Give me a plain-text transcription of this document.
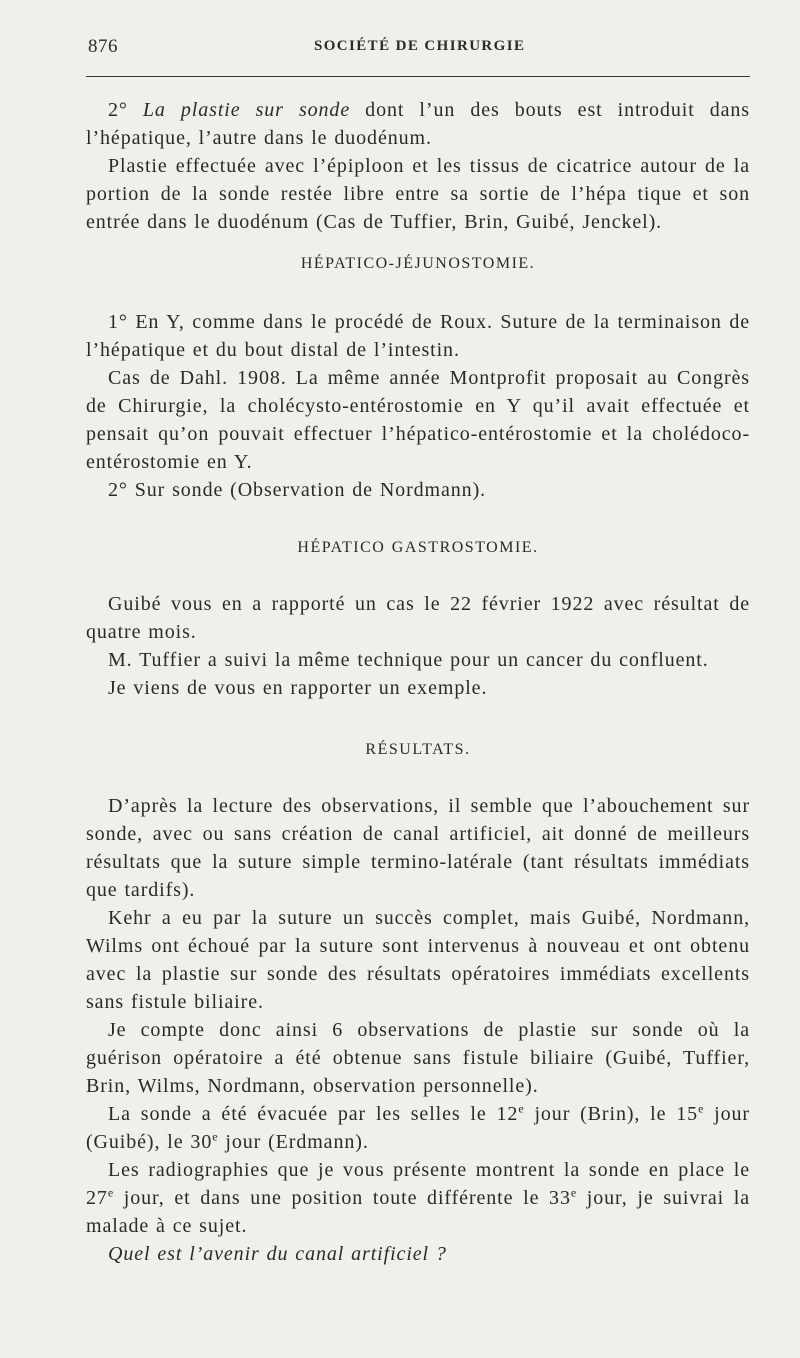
876	SOCIÉTÉ DE CHIRURGIE

2° La plastie sur sonde dont l’un des bouts est introduit dans l’hépatique, l’autre dans le duodénum.

Plastie effectuée avec l’épiploon et les tissus de cicatrice autour de la portion de la sonde restée libre entre sa sortie de l’hépa tique et son entrée dans le duodénum (Cas de Tuffier, Brin, Guibé, Jenckel).

HÉPATICO-JÉJUNOSTOMIE.

1° En Y, comme dans le procédé de Roux. Suture de la terminaison de l’hépatique et du bout distal de l’intestin.

Cas de Dahl. 1908. La même année Montprofit proposait au Congrès de Chirurgie, la cholécysto-entérostomie en Y qu’il avait effectuée et pensait qu’on pouvait effectuer l’hépatico-entérostomie et la cholédoco-entérostomie en Y.

2° Sur sonde (Observation de Nordmann).

HÉPATICO GASTROSTOMIE.

Guibé vous en a rapporté un cas le 22 février 1922 avec résultat de quatre mois.

M. Tuffier a suivi la même technique pour un cancer du confluent.

Je viens de vous en rapporter un exemple.

RÉSULTATS.

D’après la lecture des observations, il semble que l’abouchement sur sonde, avec ou sans création de canal artificiel, ait donné de meilleurs résultats que la suture simple termino-latérale (tant résultats immédiats que tardifs).

Kehr a eu par la suture un succès complet, mais Guibé, Nordmann, Wilms ont échoué par la suture sont intervenus à nouveau et ont obtenu avec la plastie sur sonde des résultats opératoires immédiats excellents sans fistule biliaire.

Je compte donc ainsi 6 observations de plastie sur sonde où la guérison opératoire a été obtenue sans fistule biliaire (Guibé, Tuffier, Brin, Wilms, Nordmann, observation personnelle).

La sonde a été évacuée par les selles le 12e jour (Brin), le 15e jour (Guibé), le 30e jour (Erdmann).

Les radiographies que je vous présente montrent la sonde en place le 27e jour, et dans une position toute différente le 33e jour, je suivrai la malade à ce sujet.

Quel est l’avenir du canal artificiel ?
